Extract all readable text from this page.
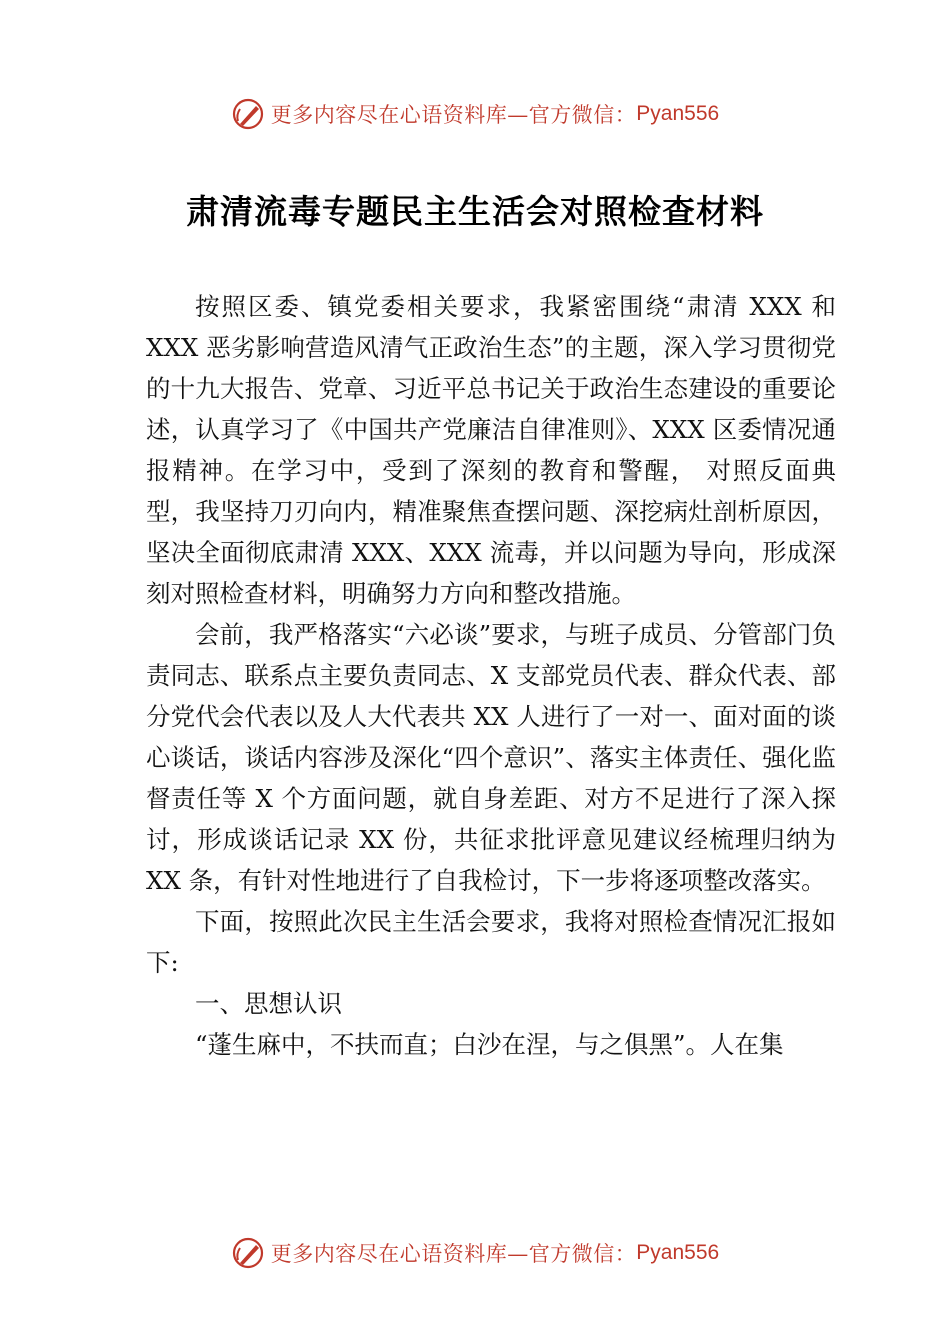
更多内容尽在心语资料库—官方微信： Pyan556
肃清流毒专题民主生活会对照检查材料

按照区委、镇党委相关要求，我紧密围绕“肃清 XXX 和 XXX 恶劣影响营造风清气正政治生态”的主题，深入学习贯彻党的十九大报告、党章、习近平总书记关于政治生态建设的重要论述，认真学习了《中国共产党廉洁自律准则》、XXX 区委情况通报精神。在学习中，受到了深刻的教育和警醒， 对照反面典型，我坚持刀刃向内，精准聚焦查摆问题、深挖病灶剖析原因，坚决全面彻底肃清 XXX、XXX 流毒，并以问题为导向，形成深刻对照检查材料，明确努力方向和整改措施。

会前，我严格落实“六必谈”要求，与班子成员、分管部门负责同志、联系点主要负责同志、X 支部党员代表、群众代表、部分党代会代表以及人大代表共 XX 人进行了一对一、面对面的谈心谈话，谈话内容涉及深化“四个意识”、落实主体责任、强化监督责任等 X 个方面问题，就自身差距、对方不足进行了深入探讨，形成谈话记录 XX 份，共征求批评意见建议经梳理归纳为 XX 条，有针对性地进行了自我检讨，下一步将逐项整改落实。

下面，按照此次民主生活会要求，我将对照检查情况汇报如下:

一、思想认识

“蓬生麻中，不扶而直；白沙在涅，与之俱黑”。人在集

更多内容尽在心语资料库—官方微信： Pyan556
